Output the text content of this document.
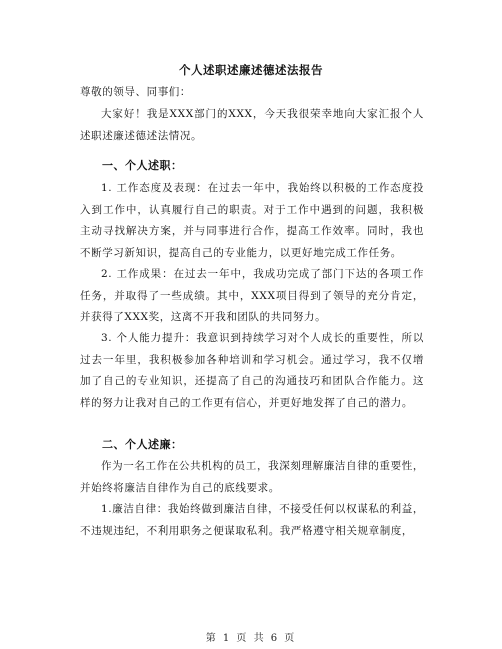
个人述职述廉述德述法报告

尊敬的领导、同事们：

大家好！我是XXX部门的XXX，今天我很荣幸地向大家汇报个人述职述廉述德述法情况。

一、个人述职：

1. 工作态度及表现：在过去一年中，我始终以积极的工作态度投入到工作中，认真履行自己的职责。对于工作中遇到的问题，我积极主动寻找解决方案，并与同事进行合作，提高工作效率。同时，我也不断学习新知识，提高自己的专业能力，以更好地完成工作任务。

2. 工作成果：在过去一年中，我成功完成了部门下达的各项工作任务，并取得了一些成绩。其中，XXX项目得到了领导的充分肯定，并获得了XXX奖，这离不开我和团队的共同努力。

3. 个人能力提升：我意识到持续学习对个人成长的重要性，所以过去一年里，我积极参加各种培训和学习机会。通过学习，我不仅增加了自己的专业知识，还提高了自己的沟通技巧和团队合作能力。这样的努力让我对自己的工作更有信心，并更好地发挥了自己的潜力。

二、个人述廉：

作为一名工作在公共机构的员工，我深刻理解廉洁自律的重要性，并始终将廉洁自律作为自己的底线要求。

1.廉洁自律：我始终做到廉洁自律，不接受任何以权谋私的利益，不违规违纪，不利用职务之便谋取私利。我严格遵守相关规章制度，

第 1 页 共 6 页
